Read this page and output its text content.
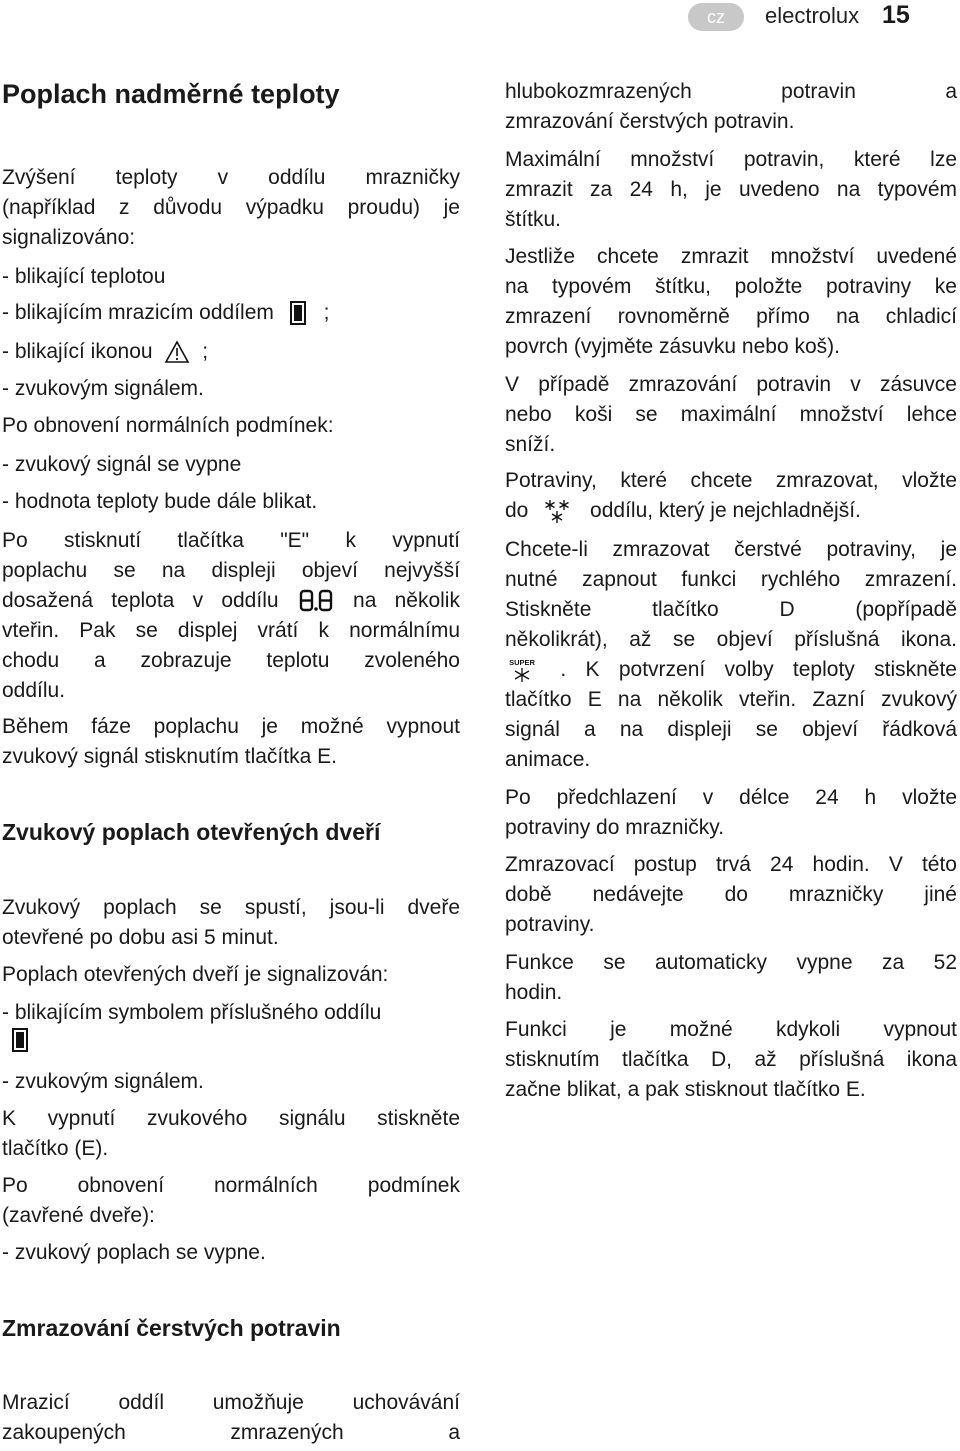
cz	electrolux 15
Poplach nadměrné teploty
Zvýšení teploty v oddílu mrazničky
(například z důvodu výpadku proudu) je
signalizováno:
- blikající teplotou
- blikajícím mrazicím oddílem ;
- blikající ikonou ;
- zvukovým signálem.
Po obnovení normálních podmínek:
- zvukový signál se vypne
- hodnota teploty bude dále blikat.
Po stisknutí tlačítka "E" k vypnutí
poplachu se na displeji objeví nejvyšší
dosažená teplota v oddílu	na několik
vteřin. Pak se displej vrátí k normálnímu
chodu a zobrazuje teplotu zvoleného
oddílu.
Během fáze poplachu je možné vypnout
zvukový signál stisknutím tlačítka E.
Zvukový poplach otevřených dveří
Zvukový poplach se spustí, jsou-li dveře
otevřené po dobu asi 5 minut.
Poplach otevřených dveří je signalizován:
- blikajícím symbolem příslušného oddílu
- zvukovým signálem.
K vypnutí zvukového signálu stiskněte
tlačítko (E).
Po obnovení normálních podmínek
(zavřené dveře):
- zvukový poplach se vypne.
Zmrazování čerstvých potravin
Mrazicí oddíl umožňuje uchovávání
zakoupených zmrazených a
hlubokozmrazených potravin a
zmrazování čerstvých potravin.
Maximální množství potravin, které lze
zmrazit za 24 h, je uvedeno na typovém
štítku.
Jestliže chcete zmrazit množství uvedené
na typovém štítku, položte potraviny ke
zmrazení rovnoměrně přímo na chladicí
povrch (vyjměte zásuvku nebo koš).
V případě zmrazování potravin v zásuvce
nebo koši se maximální množství lehce
sníží.
Potraviny, které chcete zmrazovat, vložte
do	oddílu, který je nejchladnější.
Chcete-li zmrazovat čerstvé potraviny, je
nutné zapnout funkci rychlého zmrazení.
Stiskněte tlačítko D (popřípadě
několikrát), až se objeví příslušná ikona.
SUPER . K potvrzení volby teploty stiskněte
tlačítko E na několik vteřin. Zazní zvukový
signál a na displeji se objeví řádková
animace.
Po předchlazení v délce 24 h vložte
potraviny do mrazničky.
Zmrazovací postup trvá 24 hodin. V této
době nedávejte do mrazničky jiné
potraviny.
Funkce se automaticky vypne za 52
hodin.
Funkci je možné kdykoli vypnout
stisknutím tlačítka D, až příslušná ikona
začne blikat, a pak stisknout tlačítko E.
